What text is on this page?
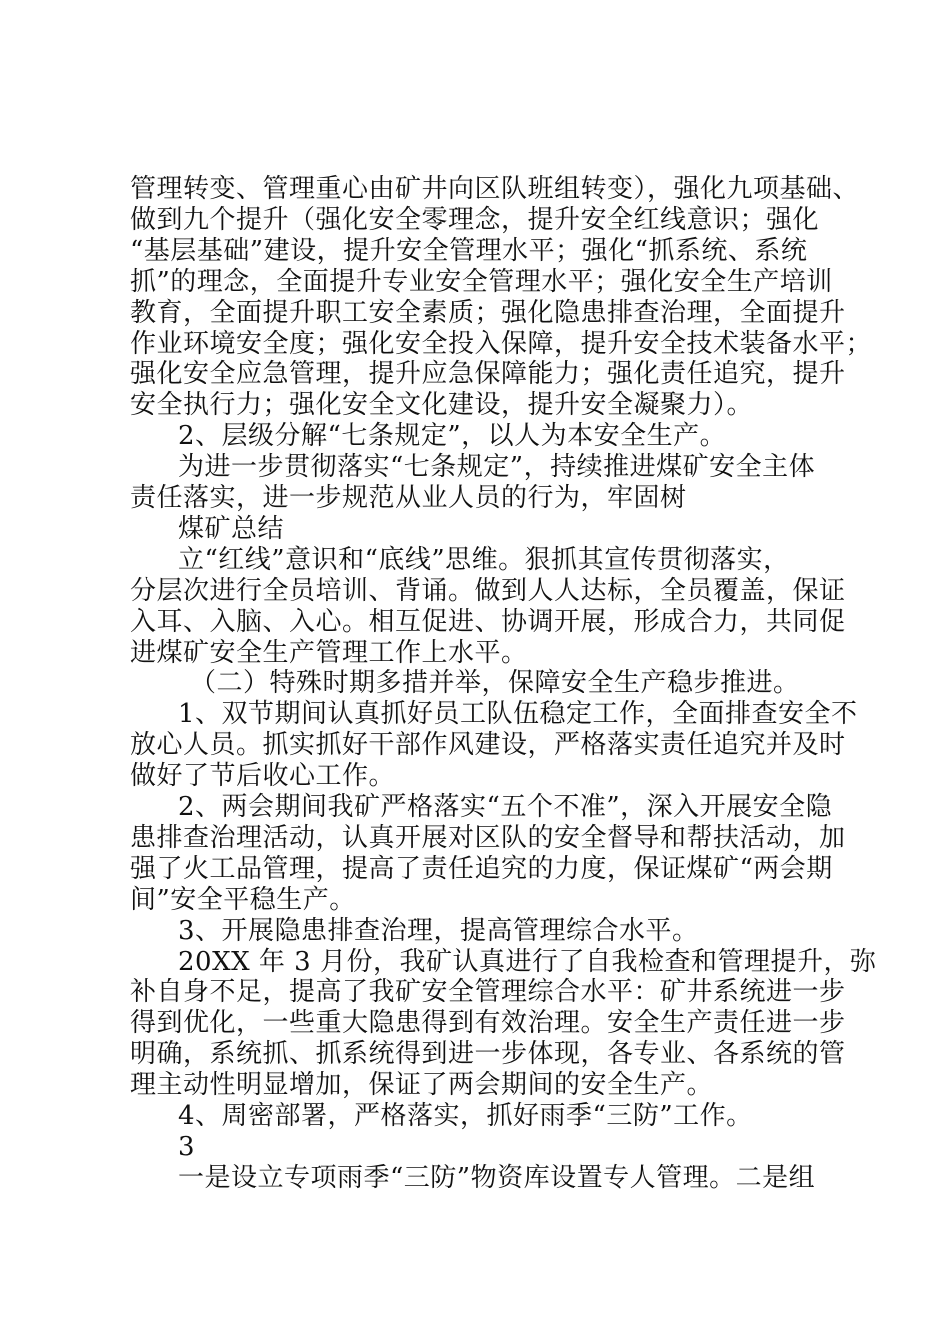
管理转变、管理重心由矿井向区队班组转变），强化九项基础、
做到九个提升（强化安全零理念，提升安全红线意识；强化
“基层基础”建设，提升安全管理水平；强化“抓系统、系统
抓”的理念，全面提升专业安全管理水平；强化安全生产培训
教育，全面提升职工安全素质；强化隐患排查治理，全面提升
作业环境安全度；强化安全投入保障，提升安全技术装备水平；
强化安全应急管理，提升应急保障能力；强化责任追究，提升
安全执行力；强化安全文化建设，提升安全凝聚力）。
2、层级分解“七条规定”，以人为本安全生产。
为进一步贯彻落实“七条规定”，持续推进煤矿安全主体
责任落实，进一步规范从业人员的行为，牢固树
煤矿总结
立“红线”意识和“底线”思维。狠抓其宣传贯彻落实，
分层次进行全员培训、背诵。做到人人达标，全员覆盖，保证
入耳、入脑、入心。相互促进、协调开展，形成合力，共同促
进煤矿安全生产管理工作上水平。
（二）特殊时期多措并举，保障安全生产稳步推进。
1、双节期间认真抓好员工队伍稳定工作，全面排查安全不
放心人员。抓实抓好干部作风建设，严格落实责任追究并及时
做好了节后收心工作。
2、两会期间我矿严格落实“五个不准”，深入开展安全隐
患排查治理活动，认真开展对区队的安全督导和帮扶活动，加
强了火工品管理，提高了责任追究的力度，保证煤矿“两会期
间”安全平稳生产。
3、开展隐患排查治理，提高管理综合水平。
20XX 年 3 月份，我矿认真进行了自我检查和管理提升，弥
补自身不足，提高了我矿安全管理综合水平：矿井系统进一步
得到优化，一些重大隐患得到有效治理。安全生产责任进一步
明确，系统抓、抓系统得到进一步体现，各专业、各系统的管
理主动性明显增加，保证了两会期间的安全生产。
4、周密部署，严格落实，抓好雨季“三防”工作。
3
一是设立专项雨季“三防”物资库设置专人管理。二是组
